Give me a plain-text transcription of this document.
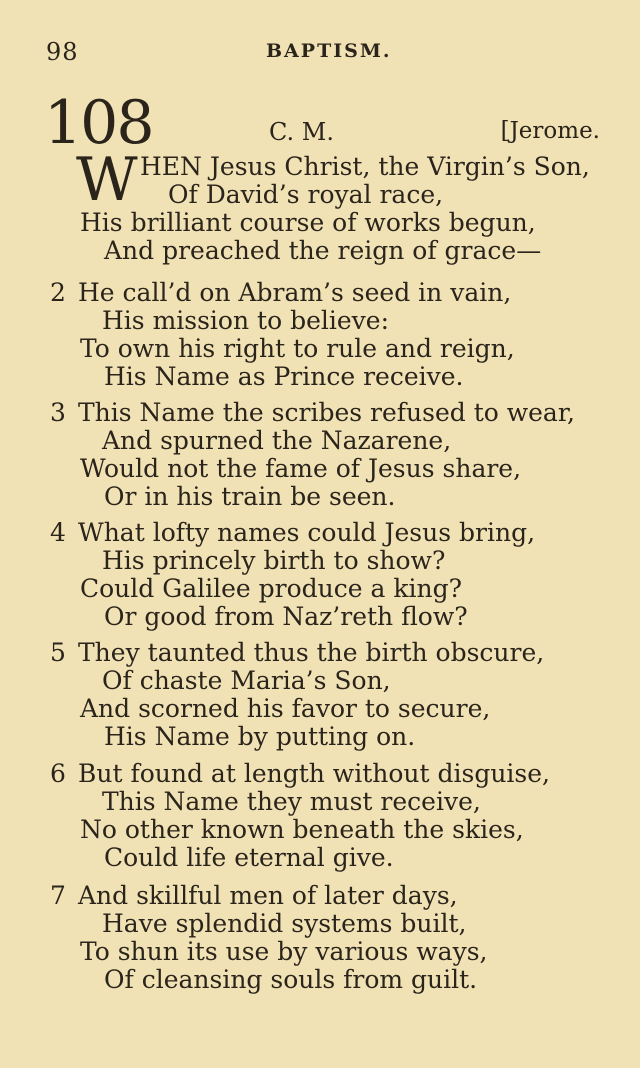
98	BAPTISM.
108	C. M.	[Jerome.
W HEN Jesus Christ, the Virgin’s Son,
Of David’s royal race,
His brilliant course of works begun,
And preached the reign of grace—
2 He call’d on Abram’s seed in vain,
His mission to believe:
To own his right to rule and reign,
His Name as Prince receive.
3 This Name the scribes refused to wear,
And spurned the Nazarene,
Would not the fame of Jesus share,
Or in his train be seen.
4 What lofty names could Jesus bring,
His princely birth to show?
Could Galilee produce a king?
Or good from Naz’reth flow?
5 They taunted thus the birth obscure,
Of chaste Maria’s Son,
And scorned his favor to secure,
His Name by putting on.
6 But found at length without disguise,
This Name they must receive,
No other known beneath the skies,
Could life eternal give.
7 And skillful men of later days,
Have splendid systems built,
To shun its use by various ways,
Of cleansing souls from guilt.
